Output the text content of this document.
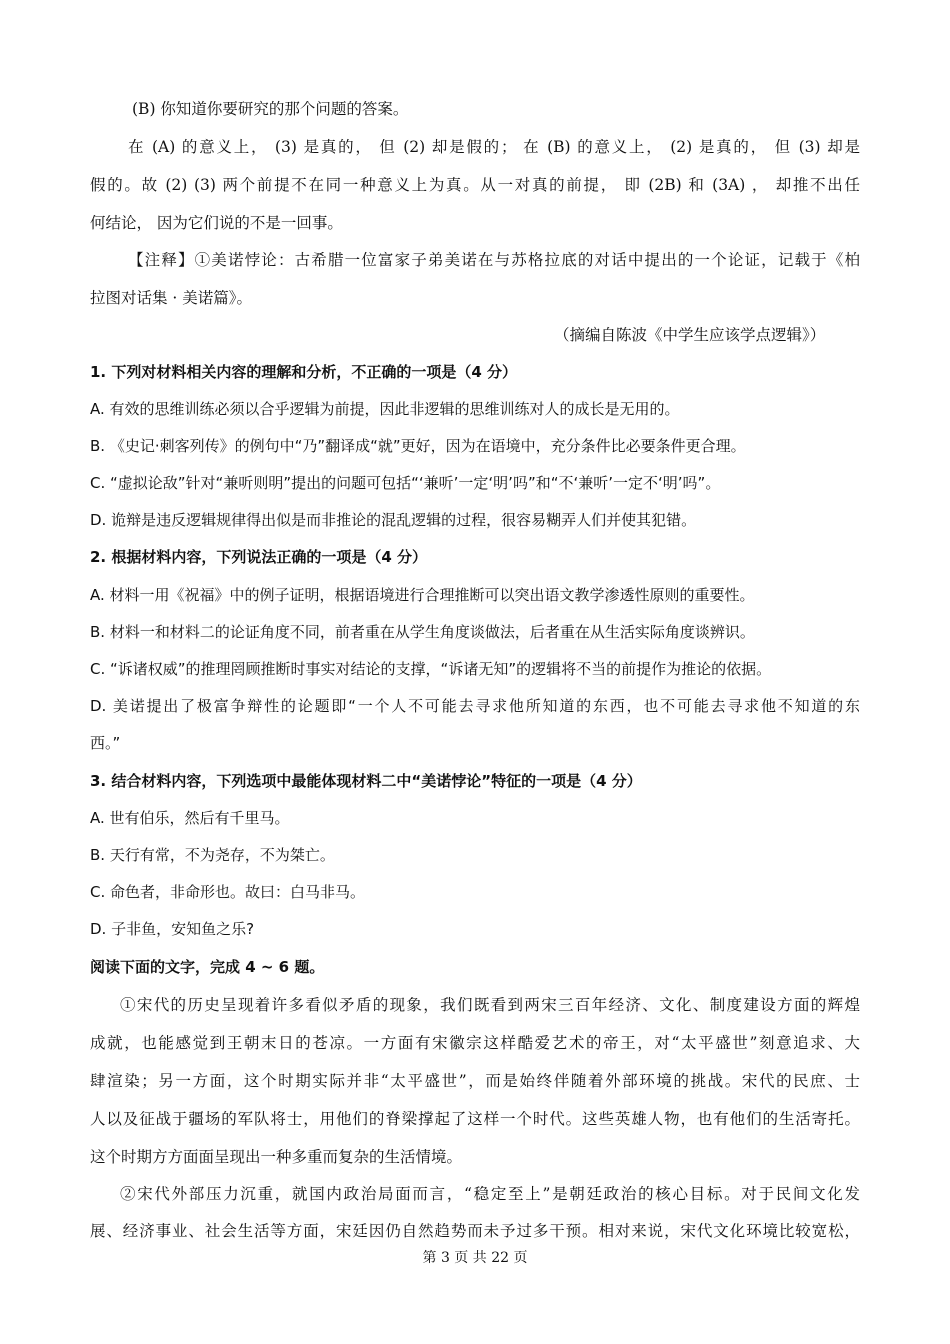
(B) 你知道你要研究的那个问题的答案。
在 (A) 的意义上， (3) 是真的， 但 (2) 却是假的； 在 (B) 的意义上， (2) 是真的， 但 (3) 却是
假的。故 (2) (3) 两个前提不在同一种意义上为真。从一对真的前提， 即 (2B) 和 (3A) ， 却推不出任
何结论， 因为它们说的不是一回事。
【注释】①美诺悖论：古希腊一位富家子弟美诺在与苏格拉底的对话中提出的一个论证，记载于《柏
拉图对话集 · 美诺篇》。
（摘编自陈波《中学生应该学点逻辑》）
1. 下列对材料相关内容的理解和分析，不正确的一项是（4 分）
A. 有效的思维训练必须以合乎逻辑为前提，因此非逻辑的思维训练对人的成长是无用的。
B. 《史记·刺客列传》的例句中“乃”翻译成“就”更好，因为在语境中，充分条件比必要条件更合理。
C. “虚拟论敌”针对“兼听则明”提出的问题可包括“‘兼听’一定‘明’吗”和“不‘兼听’一定不‘明’吗”。
D. 诡辩是违反逻辑规律得出似是而非推论的混乱逻辑的过程，很容易糊弄人们并使其犯错。
2. 根据材料内容，下列说法正确的一项是（4 分）
A. 材料一用《祝福》中的例子证明，根据语境进行合理推断可以突出语文教学渗透性原则的重要性。
B. 材料一和材料二的论证角度不同，前者重在从学生角度谈做法，后者重在从生活实际角度谈辨识。
C. “诉诸权威”的推理罔顾推断时事实对结论的支撑，“诉诸无知”的逻辑将不当的前提作为推论的依据。
D. 美诺提出了极富争辩性的论题即“一个人不可能去寻求他所知道的东西，也不可能去寻求他不知道的东
西。”
3. 结合材料内容，下列选项中最能体现材料二中“美诺悖论”特征的一项是（4 分）
A. 世有伯乐，然后有千里马。
B. 天行有常，不为尧存，不为桀亡。
C. 命色者，非命形也。故曰：白马非马。
D. 子非鱼，安知鱼之乐?
阅读下面的文字，完成 4 ~ 6 题。
①宋代的历史呈现着许多看似矛盾的现象，我们既看到两宋三百年经济、文化、制度建设方面的辉煌
成就，也能感觉到王朝末日的苍凉。一方面有宋徽宗这样酷爱艺术的帝王，对“太平盛世”刻意追求、大
肆渲染；另一方面，这个时期实际并非“太平盛世”，而是始终伴随着外部环境的挑战。宋代的民庶、士
人以及征战于疆场的军队将士，用他们的脊梁撑起了这样一个时代。这些英雄人物，也有他们的生活寄托。
这个时期方方面面呈现出一种多重而复杂的生活情境。
②宋代外部压力沉重，就国内政治局面而言，“稳定至上”是朝廷政治的核心目标。对于民间文化发
展、经济事业、社会生活等方面，宋廷因仍自然趋势而未予过多干预。相对来说，宋代文化环境比较宽松，
第 3 页 共 22 页
